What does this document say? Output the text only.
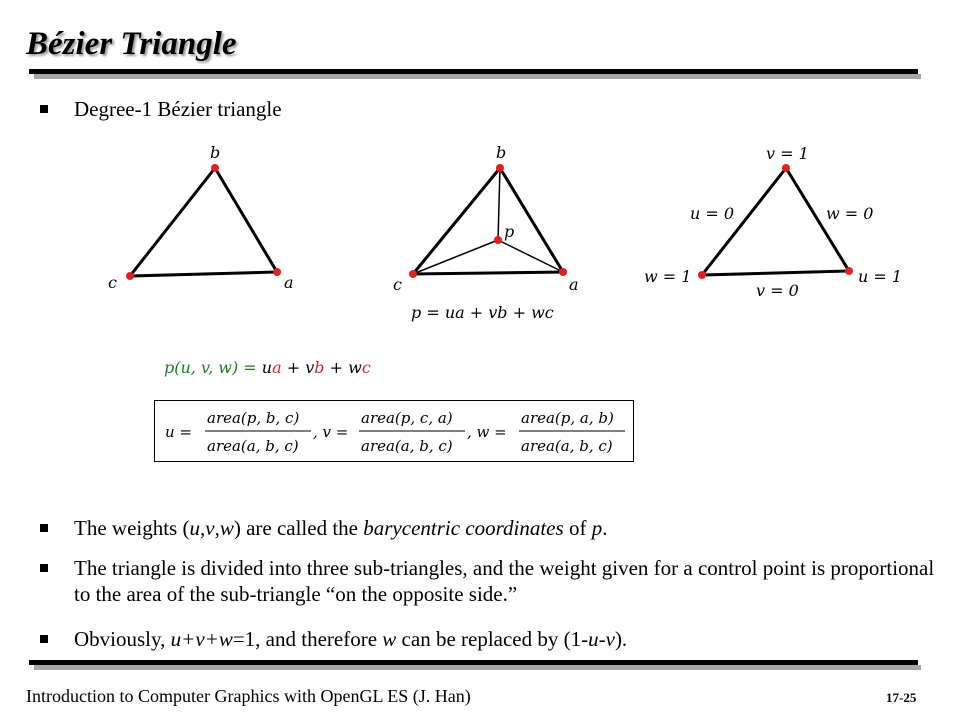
Bézier Triangle
Degree-1 Bézier triangle
b
c	a
b
p
c	a
p = ua + vb + wc
v = 1
u = 0	w = 0
w = 1	u = 1
v = 0
p(u, v, w) = ua + vb + wc
u =
area(p, b, c)
area(a, b, c)
, v =
area(p, c, a)
area(a, b, c)
, w =
area(p, a, b)
area(a, b, c)
The weights (u,v,w) are called the barycentric coordinates of p.
The triangle is divided into three sub-triangles, and the weight given for a control point is proportional to the area of the sub-triangle “on the opposite side.”
Obviously, u+v+w=1, and therefore w can be replaced by (1-u-v).
Introduction to Computer Graphics with OpenGL ES (J. Han)	17-25
